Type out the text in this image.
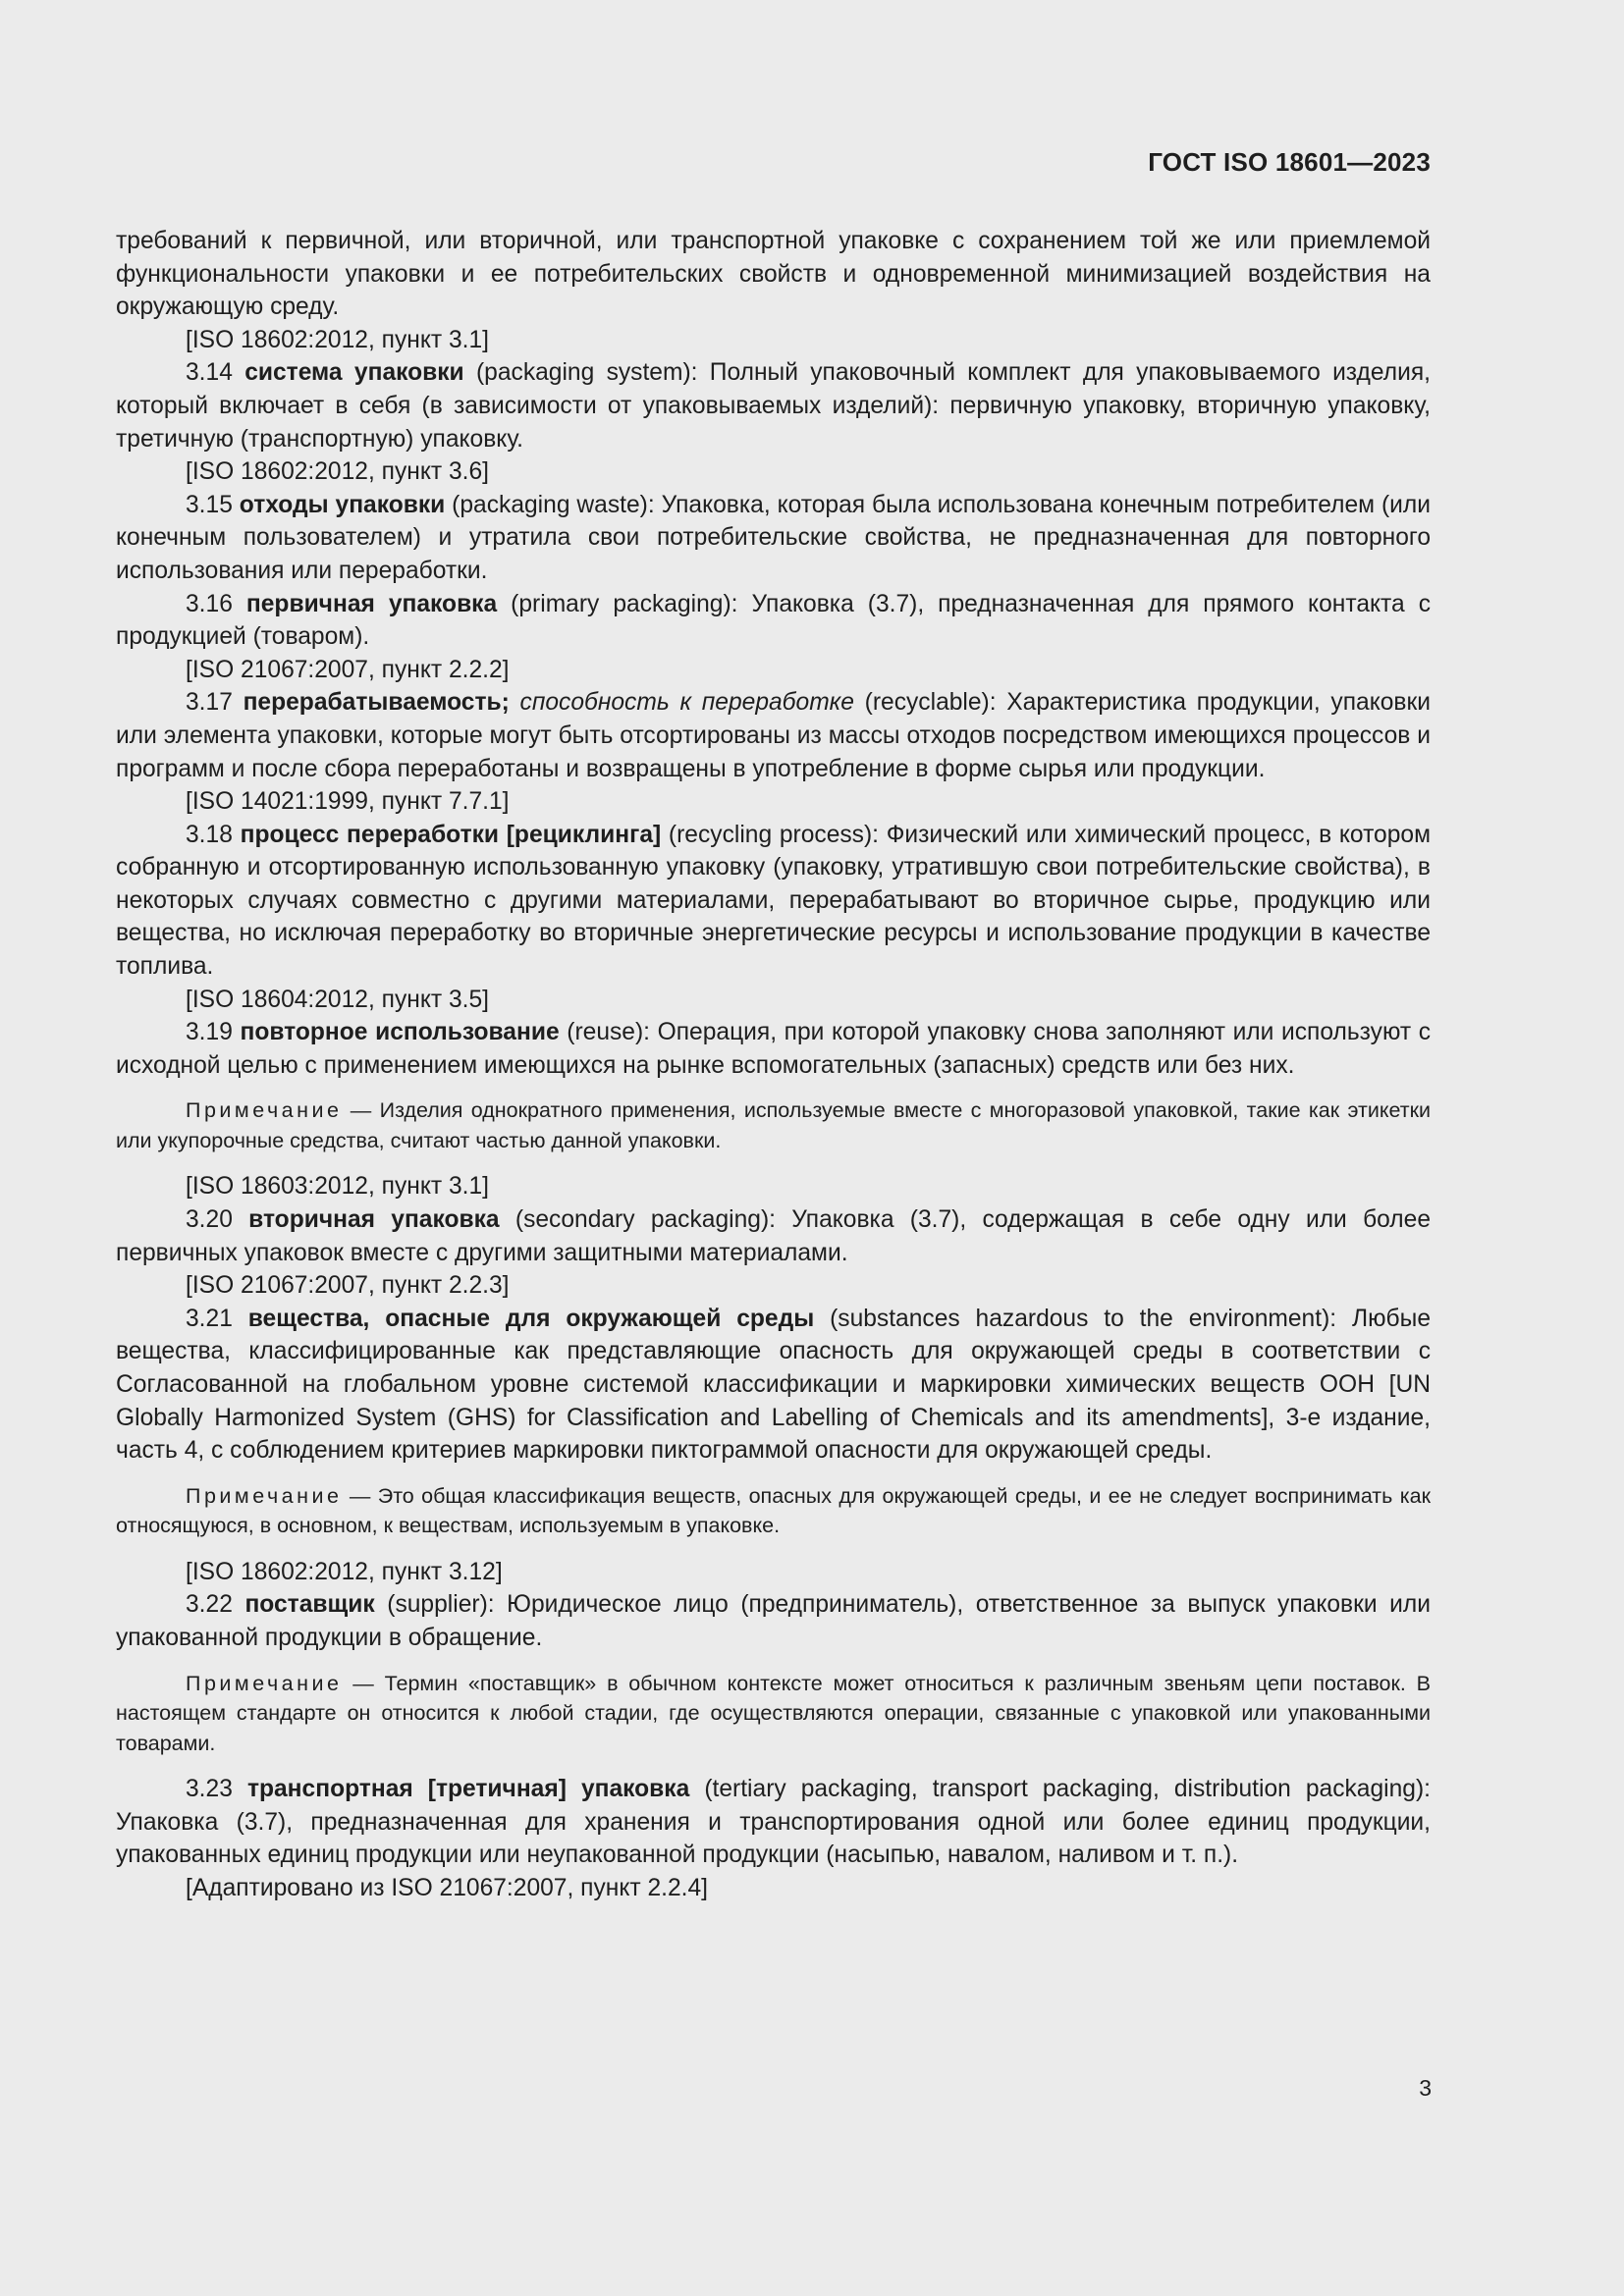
ГОСТ ISO 18601—2023

требований к первичной, или вторичной, или транспортной упаковке с сохранением той же или приемлемой функциональности упаковки и ее потребительских свойств и одновременной минимизацией воздействия на окружающую среду.

[ISO 18602:2012, пункт 3.1]

3.14 система упаковки (packaging system): Полный упаковочный комплект для упаковываемого изделия, который включает в себя (в зависимости от упаковываемых изделий): первичную упаковку, вторичную упаковку, третичную (транспортную) упаковку.

[ISO 18602:2012, пункт 3.6]

3.15 отходы упаковки (packaging waste): Упаковка, которая была использована конечным потребителем (или конечным пользователем) и утратила свои потребительские свойства, не предназначенная для повторного использования или переработки.

3.16 первичная упаковка (primary packaging): Упаковка (3.7), предназначенная для прямого контакта с продукцией (товаром).

[ISO 21067:2007, пункт 2.2.2]

3.17 перерабатываемость; способность к переработке (recyclable): Характеристика продукции, упаковки или элемента упаковки, которые могут быть отсортированы из массы отходов посредством имеющихся процессов и программ и после сбора переработаны и возвращены в употребление в форме сырья или продукции.

[ISO 14021:1999, пункт 7.7.1]

3.18 процесс переработки [рециклинга] (recycling process): Физический или химический процесс, в котором собранную и отсортированную использованную упаковку (упаковку, утратившую свои потребительские свойства), в некоторых случаях совместно с другими материалами, перерабатывают во вторичное сырье, продукцию или вещества, но исключая переработку во вторичные энергетические ресурсы и использование продукции в качестве топлива.

[ISO 18604:2012, пункт 3.5]

3.19 повторное использование (reuse): Операция, при которой упаковку снова заполняют или используют с исходной целью с применением имеющихся на рынке вспомогательных (запасных) средств или без них.

Примечание — Изделия однократного применения, используемые вместе с многоразовой упаковкой, такие как этикетки или укупорочные средства, считают частью данной упаковки.

[ISO 18603:2012, пункт 3.1]

3.20 вторичная упаковка (secondary packaging): Упаковка (3.7), содержащая в себе одну или более первичных упаковок вместе с другими защитными материалами.

[ISO 21067:2007, пункт 2.2.3]

3.21 вещества, опасные для окружающей среды (substances hazardous to the environment): Любые вещества, классифицированные как представляющие опасность для окружающей среды в соответствии с Согласованной на глобальном уровне системой классификации и маркировки химических веществ ООН [UN Globally Harmonized System (GHS) for Classification and Labelling of Chemicals and its amendments], 3-е издание, часть 4, с соблюдением критериев маркировки пиктограммой опасности для окружающей среды.

Примечание — Это общая классификация веществ, опасных для окружающей среды, и ее не следует воспринимать как относящуюся, в основном, к веществам, используемым в упаковке.

[ISO 18602:2012, пункт 3.12]

3.22 поставщик (supplier): Юридическое лицо (предприниматель), ответственное за выпуск упаковки или упакованной продукции в обращение.

Примечание — Термин «поставщик» в обычном контексте может относиться к различным звеньям цепи поставок. В настоящем стандарте он относится к любой стадии, где осуществляются операции, связанные с упаковкой или упакованными товарами.

3.23 транспортная [третичная] упаковка (tertiary packaging, transport packaging, distribution packaging): Упаковка (3.7), предназначенная для хранения и транспортирования одной или более единиц продукции, упакованных единиц продукции или неупакованной продукции (насыпью, навалом, наливом и т. п.).

[Адаптировано из ISO 21067:2007, пункт 2.2.4]

3
